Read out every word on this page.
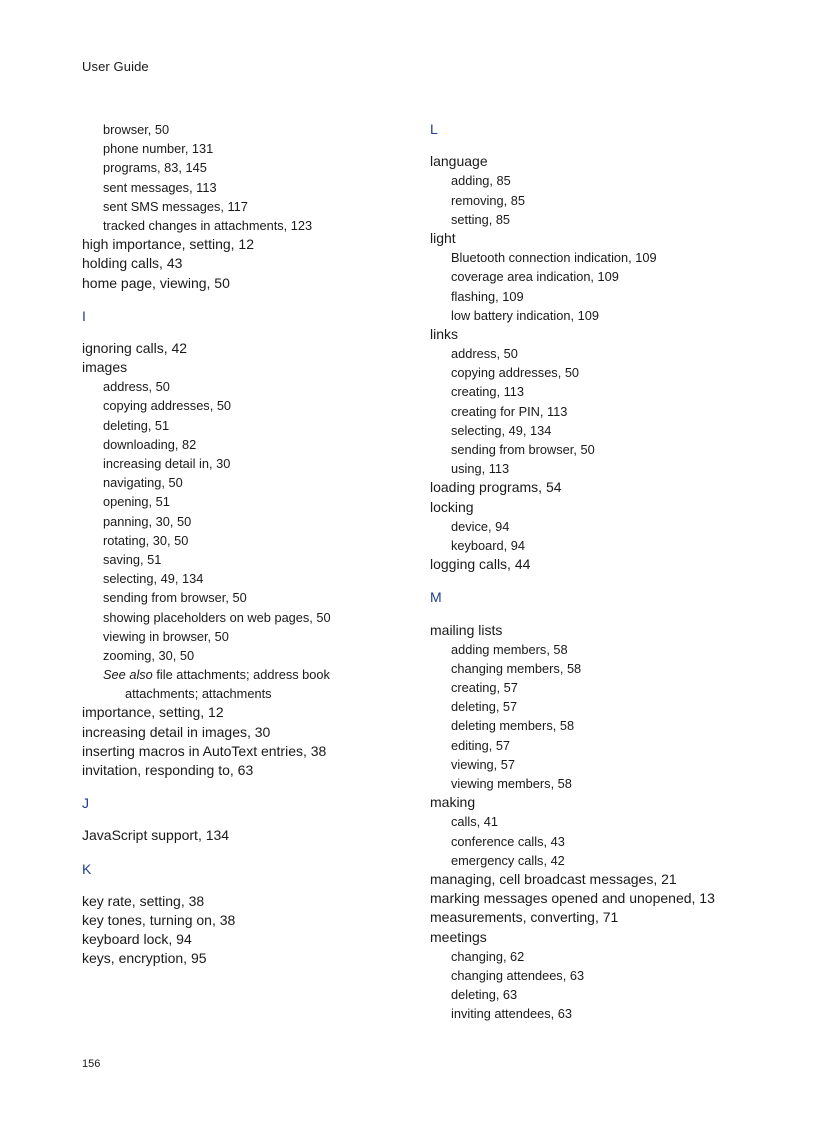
User Guide
browser, 50
phone number, 131
programs, 83, 145
sent messages, 113
sent SMS messages, 117
tracked changes in attachments, 123
high importance, setting, 12
holding calls, 43
home page, viewing, 50
I
ignoring calls, 42
images
address, 50
copying addresses, 50
deleting, 51
downloading, 82
increasing detail in, 30
navigating, 50
opening, 51
panning, 30, 50
rotating, 30, 50
saving, 51
selecting, 49, 134
sending from browser, 50
showing placeholders on web pages, 50
viewing in browser, 50
zooming, 30, 50
See also file attachments; address book
attachments; attachments
importance, setting, 12
increasing detail in images, 30
inserting macros in AutoText entries, 38
invitation, responding to, 63
J
JavaScript support, 134
K
key rate, setting, 38
key tones, turning on, 38
keyboard lock, 94
keys, encryption, 95
L
language
adding, 85
removing, 85
setting, 85
light
Bluetooth connection indication, 109
coverage area indication, 109
flashing, 109
low battery indication, 109
links
address, 50
copying addresses, 50
creating, 113
creating for PIN, 113
selecting, 49, 134
sending from browser, 50
using, 113
loading programs, 54
locking
device, 94
keyboard, 94
logging calls, 44
M
mailing lists
adding members, 58
changing members, 58
creating, 57
deleting, 57
deleting members, 58
editing, 57
viewing, 57
viewing members, 58
making
calls, 41
conference calls, 43
emergency calls, 42
managing, cell broadcast messages, 21
marking messages opened and unopened, 13
measurements, converting, 71
meetings
changing, 62
changing attendees, 63
deleting, 63
inviting attendees, 63
156
